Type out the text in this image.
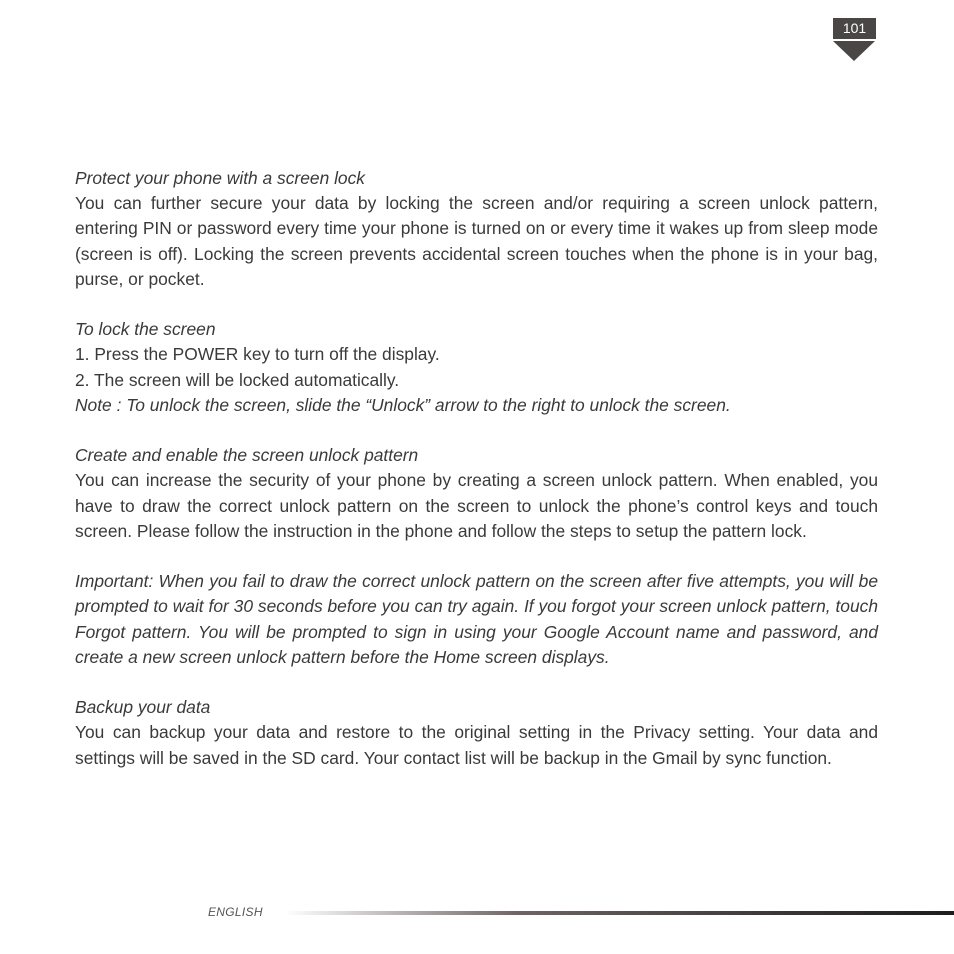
101

Protect your phone with a screen lock

You can further secure your data by locking the screen and/or requiring a screen unlock pattern, entering PIN or password every time your phone is turned on or every time it wakes up from sleep mode (screen is off). Locking the screen prevents accidental screen touches when the phone is in your bag, purse, or pocket.

To lock the screen

1. Press the POWER key to turn off the display.

2. The screen will be locked automatically.

Note : To unlock the screen, slide the “Unlock” arrow to the right to unlock the screen.

Create and enable the screen unlock pattern

You can increase the security of your phone by creating a screen unlock pattern. When enabled, you have to draw the correct unlock pattern on the screen to unlock the phone’s control keys and touch screen. Please follow the instruction in the phone and follow the steps to setup the pattern lock.

Important: When you fail to draw the correct unlock pattern on the screen after five attempts, you will be prompted to wait for 30 seconds before you can try again. If you forgot your screen unlock pattern, touch Forgot pattern. You will be prompted to sign in using your Google Account name and password, and create a new screen unlock pattern before the Home screen displays.

Backup your data

You can backup your data and restore to the original setting in the Privacy setting. Your data and settings will be saved in the SD card. Your contact list will be backup in the Gmail by sync function.

ENGLISH
